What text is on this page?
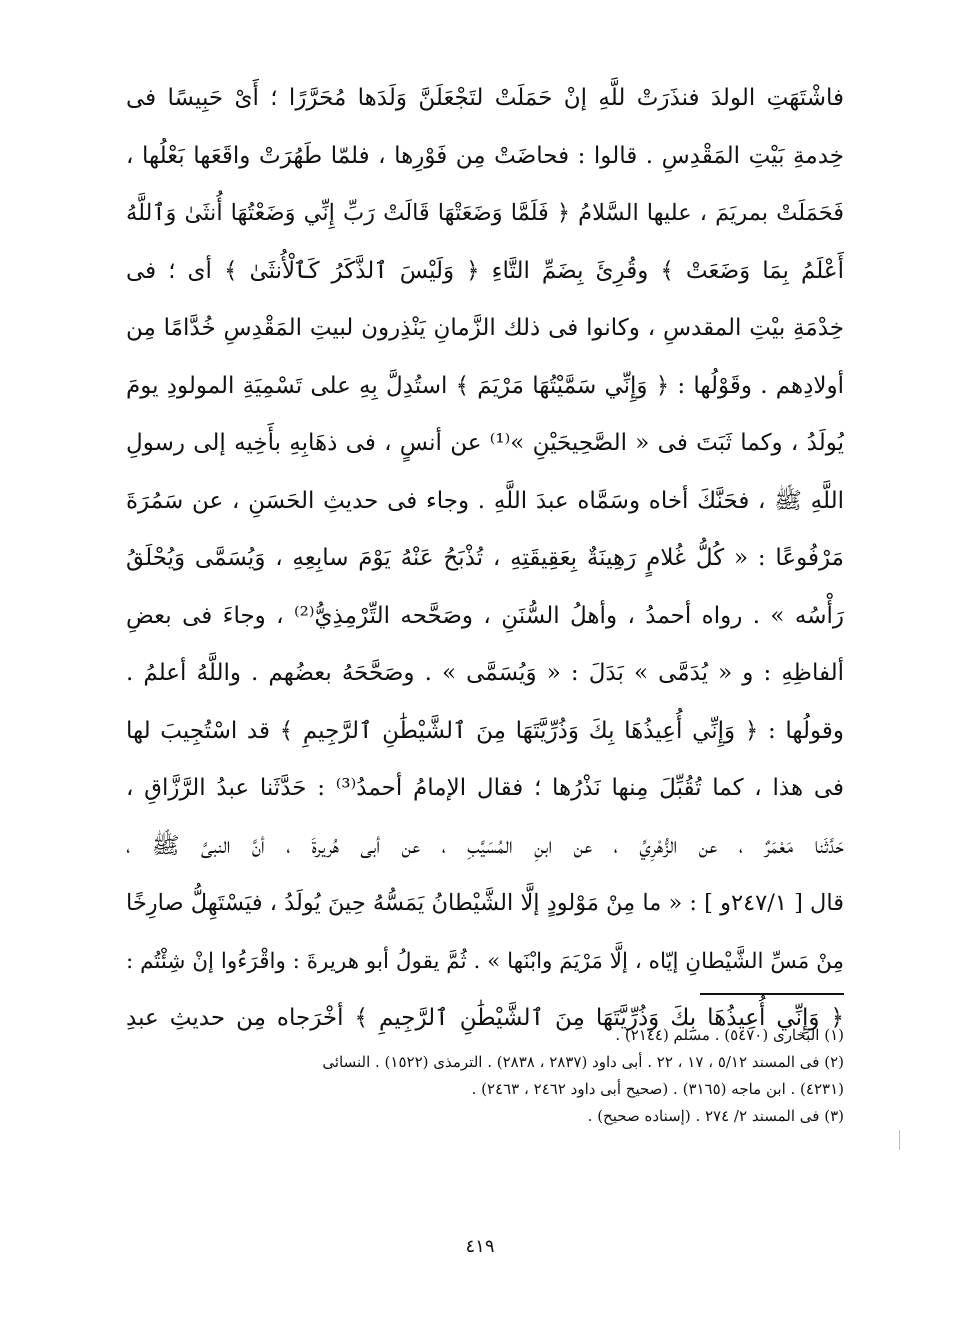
فاشْتَهَتِ الولدَ فنذَرَتْ للَّهِ إنْ حَمَلَتْ لتَجْعَلَنَّ وَلَدَها مُحَرَّرًا ؛ أَىْ حَبِيسًا فى
خِدمةِ بَيْتِ المَقْدِسِ . قالوا : فحاضَتْ مِن فَوْرِها ، فلمّا طَهُرَتْ واقَعَها بَعْلُها ،
فَحَمَلَتْ بمريَمَ ، عليها السَّلامُ ﴿ فَلَمَّا وَضَعَتْهَا قَالَتْ رَبِّ إِنِّي وَضَعْتُهَا أُنثَىٰ وَٱللَّهُ
أَعْلَمُ بِمَا وَضَعَتْ ﴾ وقُرِئَ بِضَمِّ التَّاءِ ﴿ وَلَيْسَ ٱلذَّكَرُ كَٱلْأُنثَىٰ ﴾ أى ؛ فى
خِدْمَةِ بيْتِ المقدسِ ، وكانوا فى ذلك الزَّمانِ يَنْذِرون لبيتِ المَقْدِسِ خُدَّامًا مِن
أولادِهم . وقَوْلُها : ﴿ وَإِنِّي سَمَّيْتُهَا مَرْيَمَ ﴾ استُدِلَّ بِهِ على تَسْمِيَةِ المولودِ يومَ
يُولَدُ ، وكما ثَبَتَ فى « الصَّحِيحَيْنِ »⁽¹⁾ عن أنسٍ ، فى ذهَابِهِ بأَخِيه إلى رسولِ
اللَّهِ ﷺ ، فحَنَّكَ أخاه وسَمَّاه عبدَ اللَّهِ . وجاء فى حديثِ الحَسَنِ ، عن سَمُرَةَ
مَرْفُوعًا : « كُلُّ غُلامٍ رَهِينَةٌ بِعَقِيقَتِهِ ، تُذْبَحُ عَنْهُ يَوْمَ سابِعِهِ ، وَيُسَمَّى وَيُحْلَقُ
رَأْسُه » . رواه أحمدُ ، وأهلُ السُّنَنِ ، وصَحَّحه التِّرْمِذِيُّ⁽²⁾ ، وجاءَ فى بعضِ
ألفاظِهِ : و « يُدَمَّى » بَدَلَ : « وَيُسَمَّى » . وصَحَّحَهُ بعضُهم . واللَّهُ أعلمُ .
وقولُها : ﴿ وَإِنِّي أُعِيذُهَا بِكَ وَذُرِّيَّتَهَا مِنَ ٱلشَّيْطَٰنِ ٱلرَّجِيمِ ﴾ قد اسْتُجِيبَ لها
فى هذا ، كما تُقُبِّلَ مِنها نَذْرُها ؛ فقال الإمامُ أحمدُ⁽³⁾ : حَدَّثَنا عبدُ الرَّزَّاقِ ،
حَدَّثَنا مَعْمَرٌ ، عن الزُّهْرِيِّ ، عن ابنِ المُسَيَّبِ ، عن أبى هُريرةَ ، أنَّ النبىَّ ﷺ ،
قال [ ٢٤٧/١و ] : « ما مِنْ مَوْلودٍ إلَّا الشَّيْطانُ يَمَسُّهُ حِينَ يُولَدُ ، فيَسْتَهِلُّ صارِخًا
مِنْ مَسِّ الشَّيْطانِ إيّاه ، إلَّا مَرْيَمَ وابْنَها » . ثُمَّ يقولُ أبو هريرةَ : واقْرَءُوا إنْ شِئْتُم :
﴿ وَإِنِّي أُعِيذُهَا بِكَ وَذُرِّيَّتَهَا مِنَ ٱلشَّيْطَٰنِ ٱلرَّجِيمِ ﴾ أخْرَجاه مِن حديثِ عبدِ
(١) البخارى (٥٤٧٠) . مسلم (٢١٤٤) .
(٢) فى المسند ٥/١٢ ، ١٧ ، ٢٢ . أبى داود (٢٨٣٧ ، ٢٨٣٨) . الترمذى (١٥٢٢) . النسائى
(٤٢٣١) . ابن ماجه (٣١٦٥) . (صحيح أبى داود ٢٤٦٢ ، ٢٤٦٣) .
(٣) فى المسند ٢/ ٢٧٤ . (إسناده صحيح) .
٤١٩
